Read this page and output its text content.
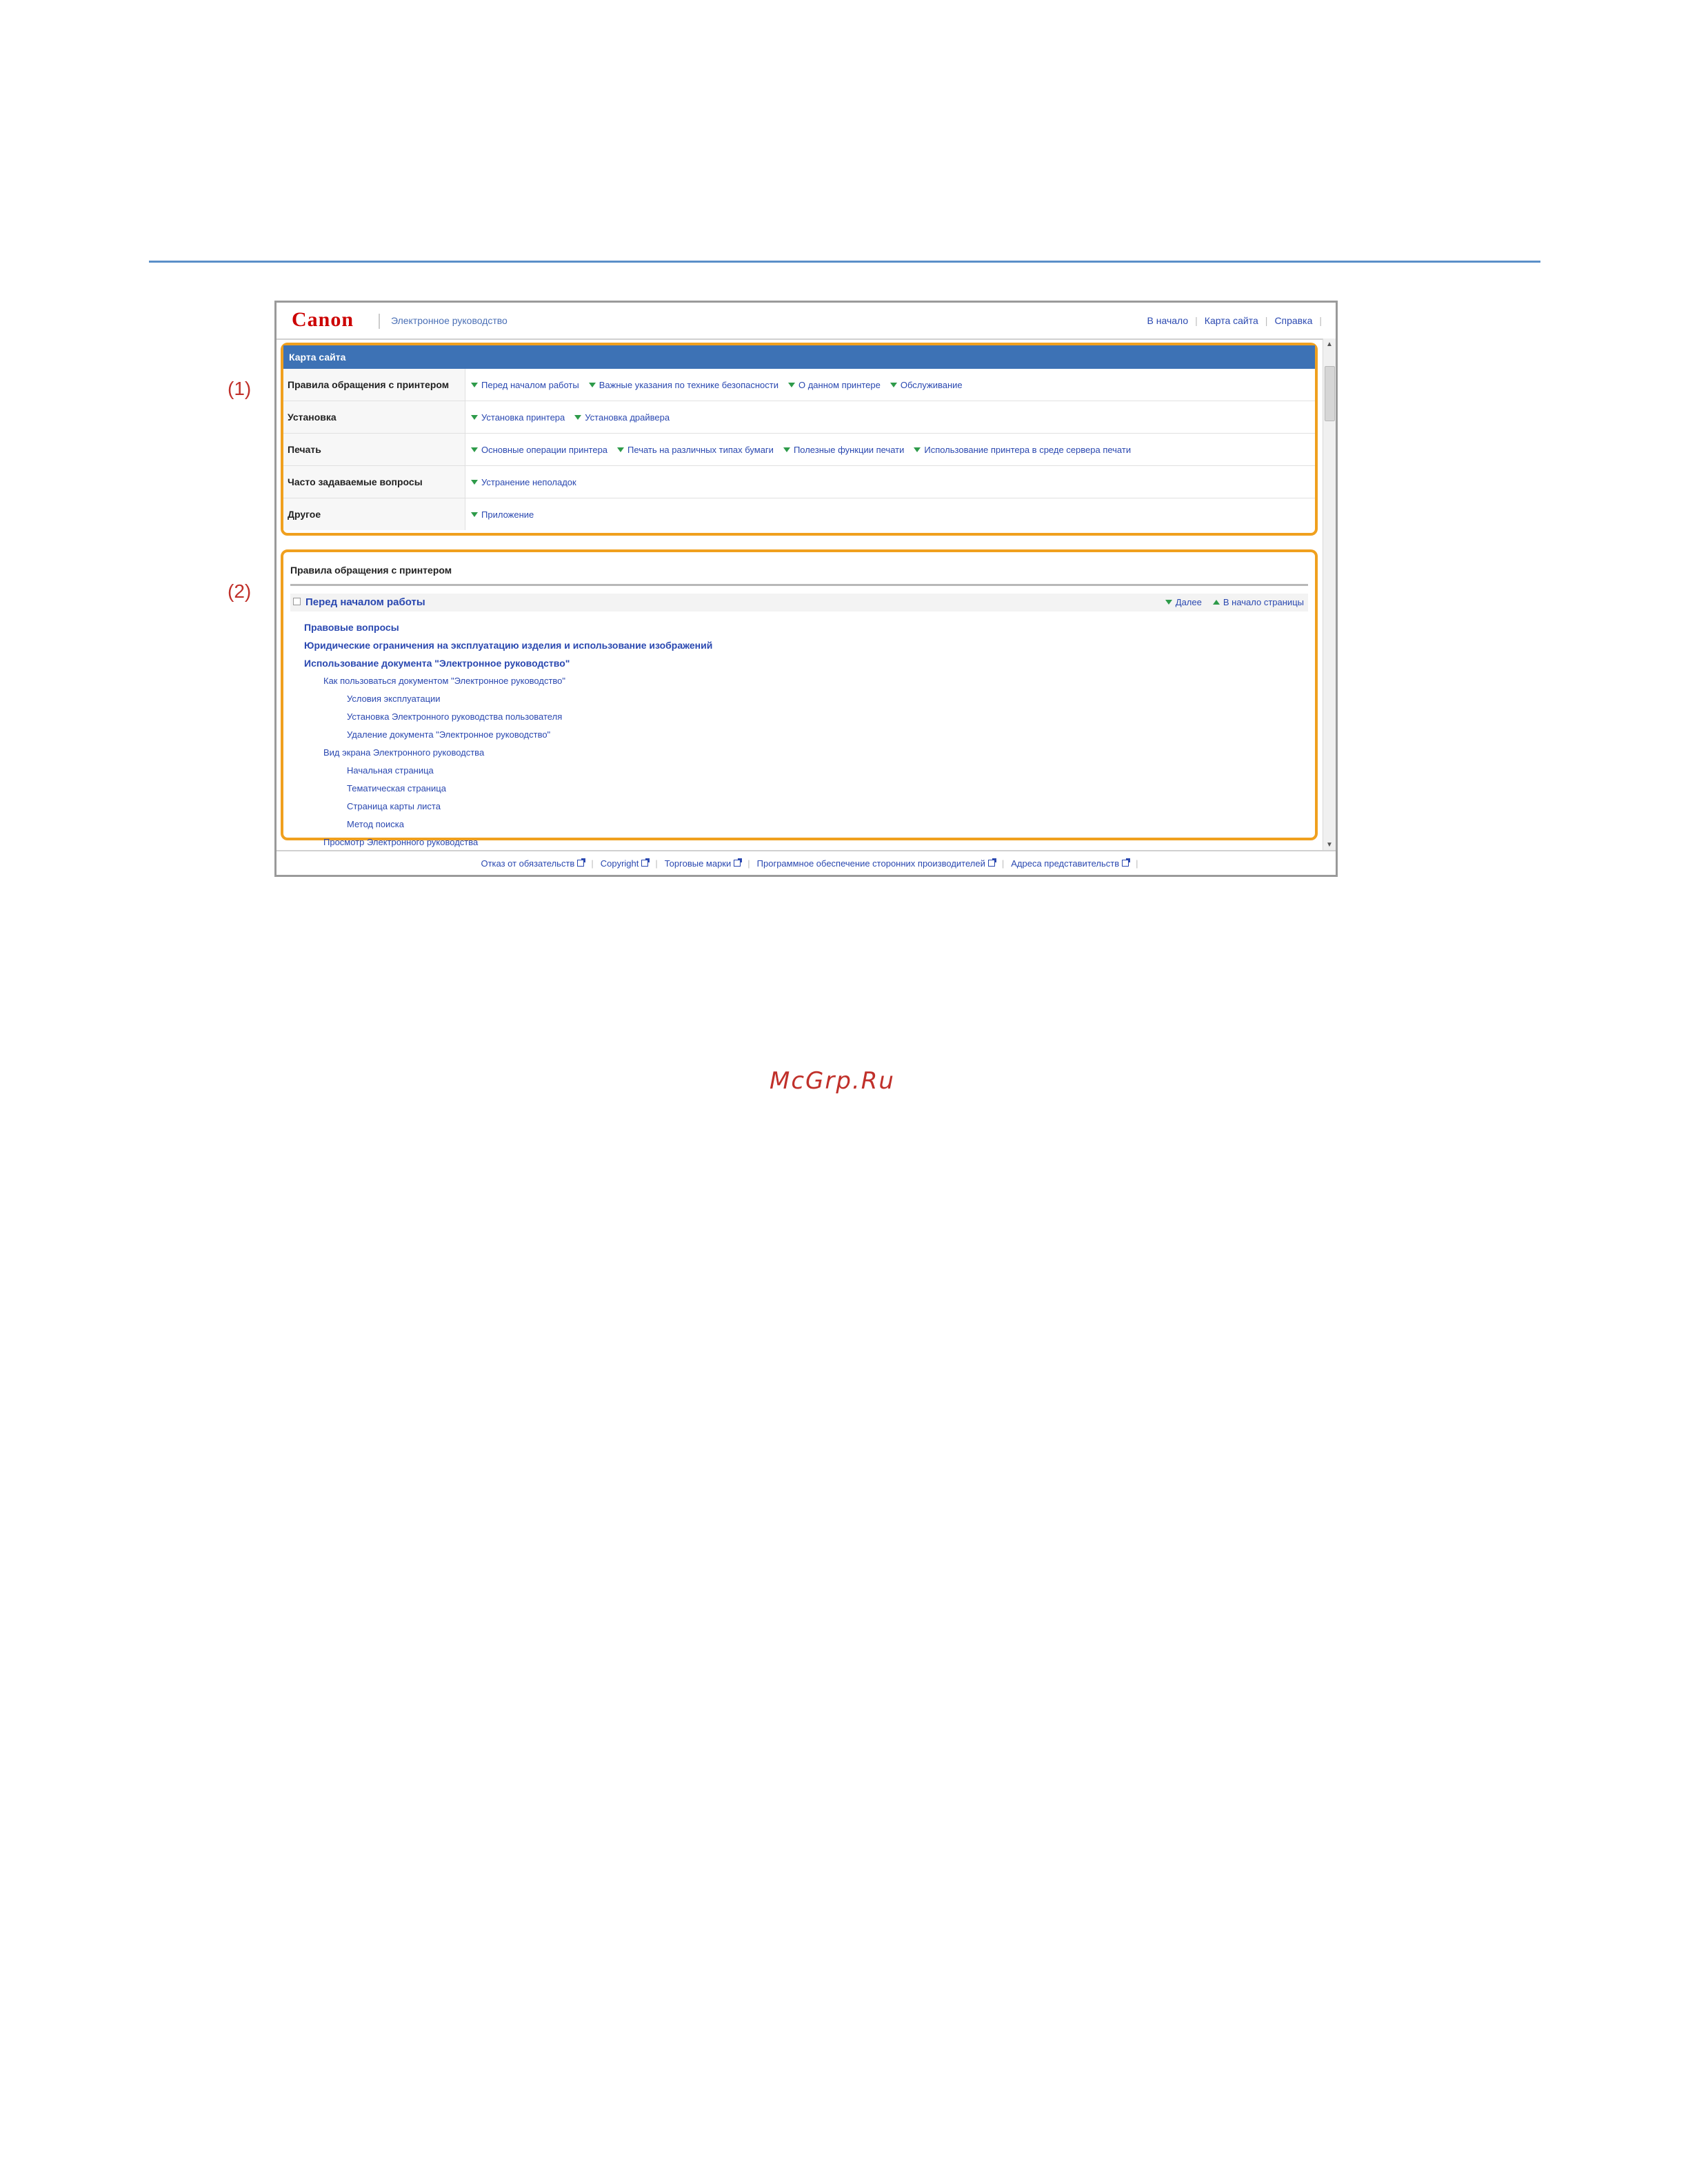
(1)
(2)
Canon	Электронное руководство	В начало | Карта сайта | Справка |
Карта сайта
Правила обращения с принтером	Перед началом работы Важные указания по технике безопасности О данном принтере Обслуживание
Установка	Установка принтера Установка драйвера
Печать	Основные операции принтера Печать на различных типах бумаги Полезные функции печати Использование принтера в среде сервера печати
Часто задаваемые вопросы	Устранение неполадок
Другое	Приложение
Правила обращения с принтером
Перед началом работы	Далее В начало страницы
Правовые вопросы
Юридические ограничения на эксплуатацию изделия и использование изображений
Использование документа "Электронное руководство"
Как пользоваться документом "Электронное руководство"
Условия эксплуатации
Установка Электронного руководства пользователя
Удаление документа "Электронное руководство"
Вид экрана Электронного руководства
Начальная страница
Тематическая страница
Страница карты листа
Метод поиска
Просмотр Электронного руководства
▲
▼
Отказ от обязательств | Copyright | Торговые марки | Программное обеспечение сторонних производителей | Адреса представительств |
McGrp.Ru
